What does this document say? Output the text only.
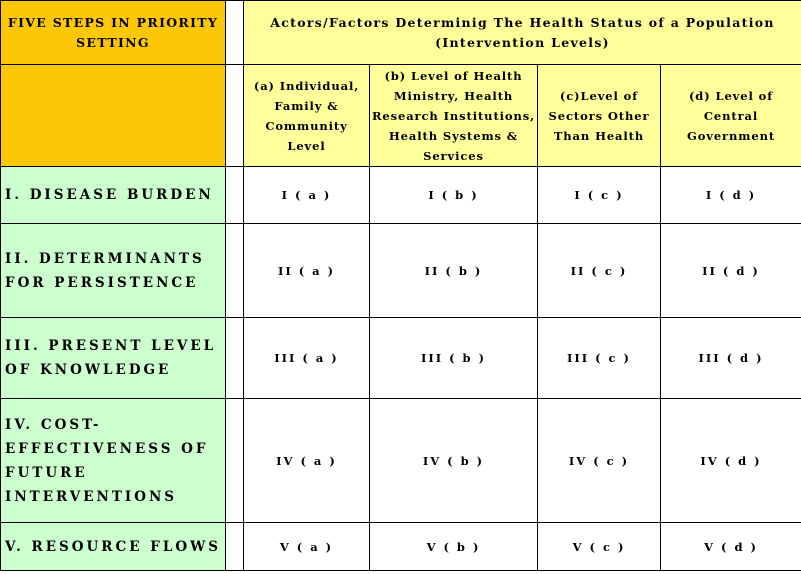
FIVE STEPS IN PRIORITY SETTING		Actors/Factors Determinig The Health Status of a Population (Intervention Levels)			
		(a) Individual, Family & Community Level	(b) Level of Health Ministry, Health Research Institutions, Health Systems & Services	(c)Level of Sectors Other Than Health	(d) Level of Central Government
I. DISEASE BURDEN		I ( a )	I ( b )	I ( c )	I ( d )
II. DETERMINANTS FOR PERSISTENCE		II ( a )	II ( b )	II ( c )	II ( d )
III. PRESENT LEVEL OF KNOWLEDGE		III ( a )	III ( b )	III ( c )	III ( d )
IV. COST-EFFECTIVENESS OF FUTURE INTERVENTIONS		IV ( a )	IV ( b )	IV ( c )	IV ( d )
V. RESOURCE FLOWS		V ( a )	V ( b )	V ( c )	V ( d )
